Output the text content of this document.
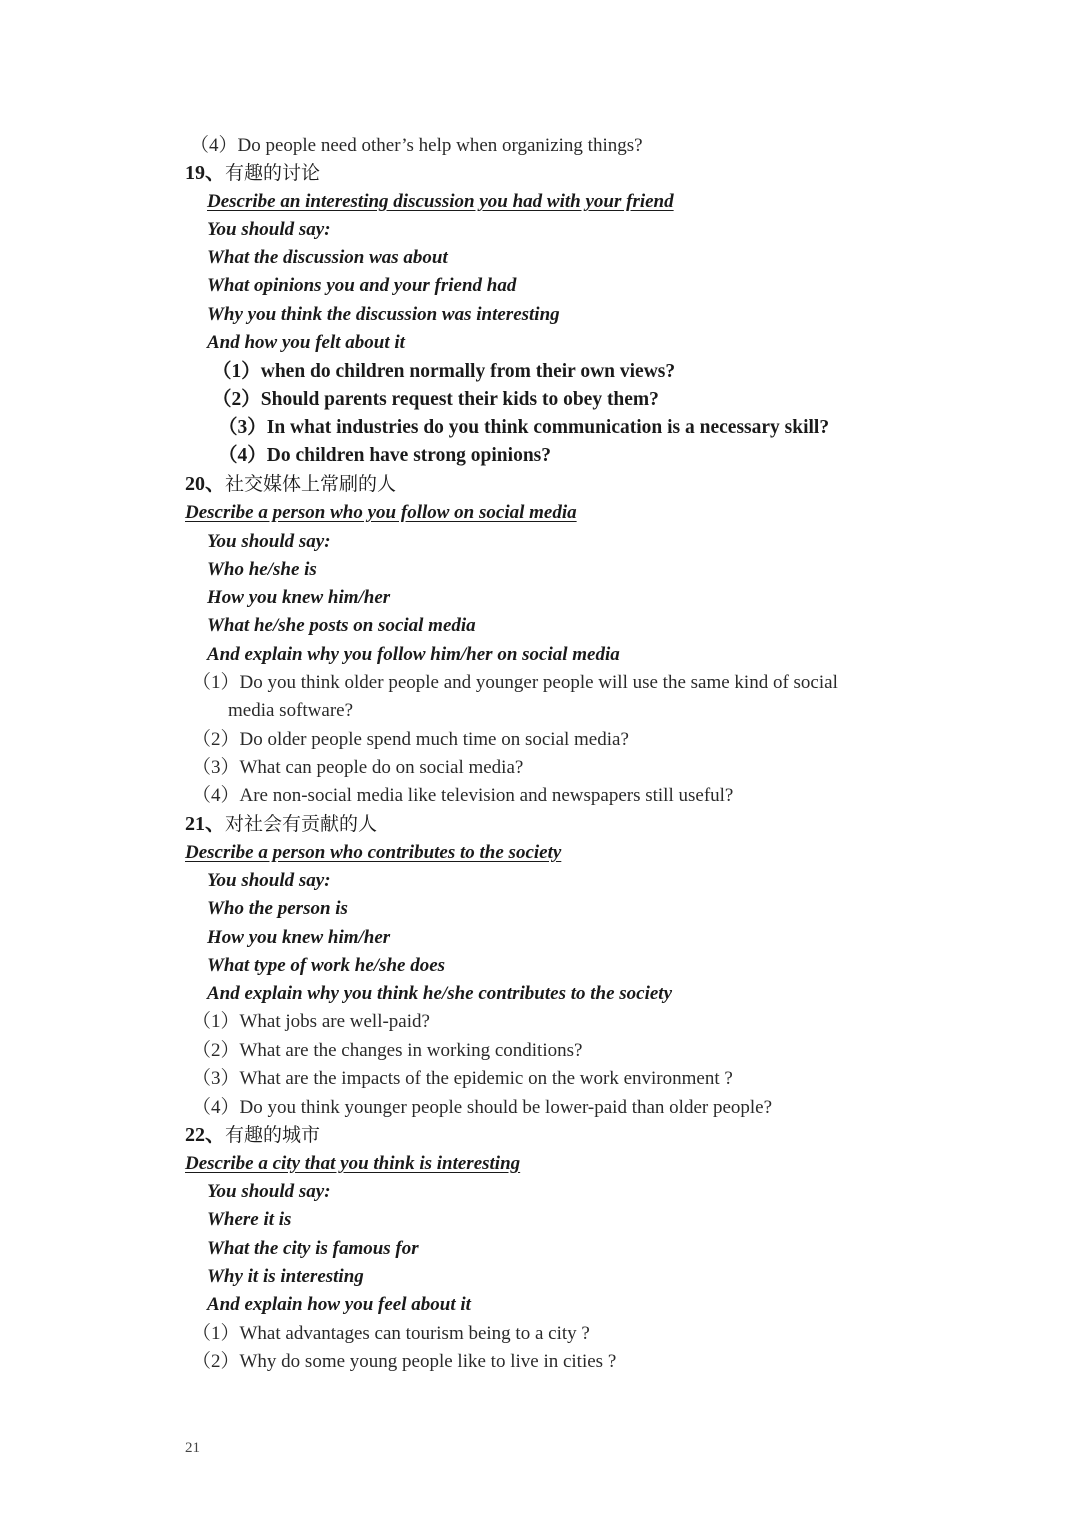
（4）Do people need other’s help when organizing things?
19、有趣的讨论
Describe an interesting discussion you had with your friend
You should say:
What the discussion was about
What opinions you and your friend had
Why you think the discussion was interesting
And how you felt about it
（1）when do children normally from their own views?
（2）Should parents request their kids to obey them?
（3）In what industries do you think communication is a necessary skill?
（4）Do children have strong opinions?
20、社交媒体上常刷的人
Describe a person who you follow on social media
You should say:
Who he/she is
How you knew him/her
What he/she posts on social media
And explain why you follow him/her on social media
（1）Do you think older people and younger people will use the same kind of social
media software?
（2）Do older people spend much time on social media?
（3）What can people do on social media?
（4）Are non-social media like television and newspapers still useful?
21、对社会有贡献的人
Describe a person who contributes to the society
You should say:
Who the person is
How you knew him/her
What type of work he/she does
And explain why you think he/she contributes to the society
（1）What jobs are well-paid?
（2）What are the changes in working conditions?
（3）What are the impacts of the epidemic on the work environment ?
（4）Do you think younger people should be lower-paid than older people?
22、有趣的城市
Describe a city that you think is interesting
You should say:
Where it is
What the city is famous for
Why it is interesting
And explain how you feel about it
（1）What advantages can tourism being to a city ?
（2）Why do some young people like to live in cities ?
21
